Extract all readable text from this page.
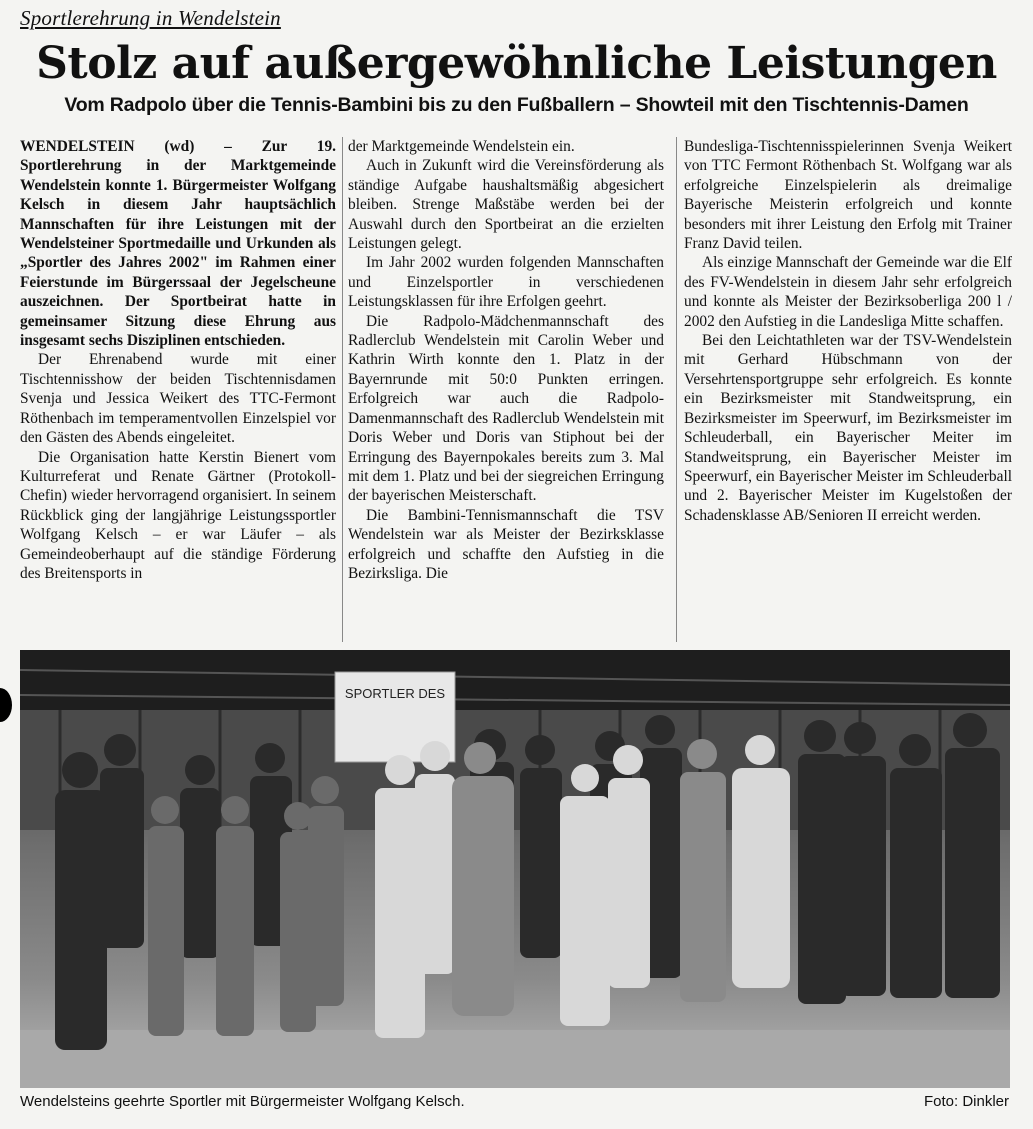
Sportlerehrung in Wendelstein
Stolz auf außergewöhnliche Leistungen
Vom Radpolo über die Tennis-Bambini bis zu den Fußballern – Showteil mit den Tischtennis-Damen
WENDELSTEIN (wd) – Zur 19. Sportlerehrung in der Marktgemeinde Wendelstein konnte 1. Bürgermeister Wolfgang Kelsch in diesem Jahr hauptsächlich Mannschaften für ihre Leistungen mit der Wendelsteiner Sportmedaille und Urkunden als „Sportler des Jahres 2002" im Rahmen einer Feierstunde im Bürgerssaal der Jegelscheune auszeichnen. Der Sportbeirat hatte in gemeinsamer Sitzung diese Ehrung aus insgesamt sechs Disziplinen entschieden.
Der Ehrenabend wurde mit einer Tischtennisshow der beiden Tischtennisdamen Svenja und Jessica Weikert des TTC-Fermont Röthenbach im temperamentvollen Einzelspiel vor den Gästen des Abends eingeleitet.
Die Organisation hatte Kerstin Bienert vom Kulturreferat und Renate Gärtner (Protokoll-Chefin) wieder hervorragend organisiert. In seinem Rückblick ging der langjährige Leistungssportler Wolfgang Kelsch – er war Läufer – als Gemeindeoberhaupt auf die ständige Förderung des Breitensports in
der Marktgemeinde Wendelstein ein.
Auch in Zukunft wird die Vereinsförderung als ständige Aufgabe haushaltsmäßig abgesichert bleiben. Strenge Maßstäbe werden bei der Auswahl durch den Sportbeirat an die erzielten Leistungen gelegt.
Im Jahr 2002 wurden folgenden Mannschaften und Einzelsportler in verschiedenen Leistungsklassen für ihre Erfolgen geehrt.
Die Radpolo-Mädchenmannschaft des Radlerclub Wendelstein mit Carolin Weber und Kathrin Wirth konnte den 1. Platz in der Bayernrunde mit 50:0 Punkten erringen. Erfolgreich war auch die Radpolo-Damenmannschaft des Radlerclub Wendelstein mit Doris Weber und Doris van Stiphout bei der Erringung des Bayernpokales bereits zum 3. Mal mit dem 1. Platz und bei der siegreichen Erringung der bayerischen Meisterschaft.
Die Bambini-Tennismannschaft die TSV Wendelstein war als Meister der Bezirksklasse erfolgreich und schaffte den Aufstieg in die Bezirksliga. Die
Bundesliga-Tischtennisspielerinnen Svenja Weikert von TTC Fermont Röthenbach St. Wolfgang war als erfolgreiche Einzelspielerin als dreimalige Bayerische Meisterin erfolgreich und konnte besonders mit ihrer Leistung den Erfolg mit Trainer Franz David teilen.
Als einzige Mannschaft der Gemeinde war die Elf des FV-Wendelstein in diesem Jahr sehr erfolgreich und konnte als Meister der Bezirksoberliga 200 l / 2002 den Aufstieg in die Landesliga Mitte schaffen.
Bei den Leichtathleten war der TSV-Wendelstein mit Gerhard Hübschmann von der Versehrtensportgruppe sehr erfolgreich. Es konnte ein Bezirksmeister mit Standweitsprung, ein Bezirksmeister im Speerwurf, im Bezirksmeister im Schleuderball, ein Bayerischer Meiter im Standweitsprung, ein Bayerischer Meister im Speerwurf, ein Bayerischer Meister im Schleuderball und 2. Bayerischer Meister im Kugelstoßen der Schadensklasse AB/Senioren II erreicht werden.
SPORTLER DES
Wendelsteins geehrte Sportler mit Bürgermeister Wolfgang Kelsch.	Foto: Dinkler
